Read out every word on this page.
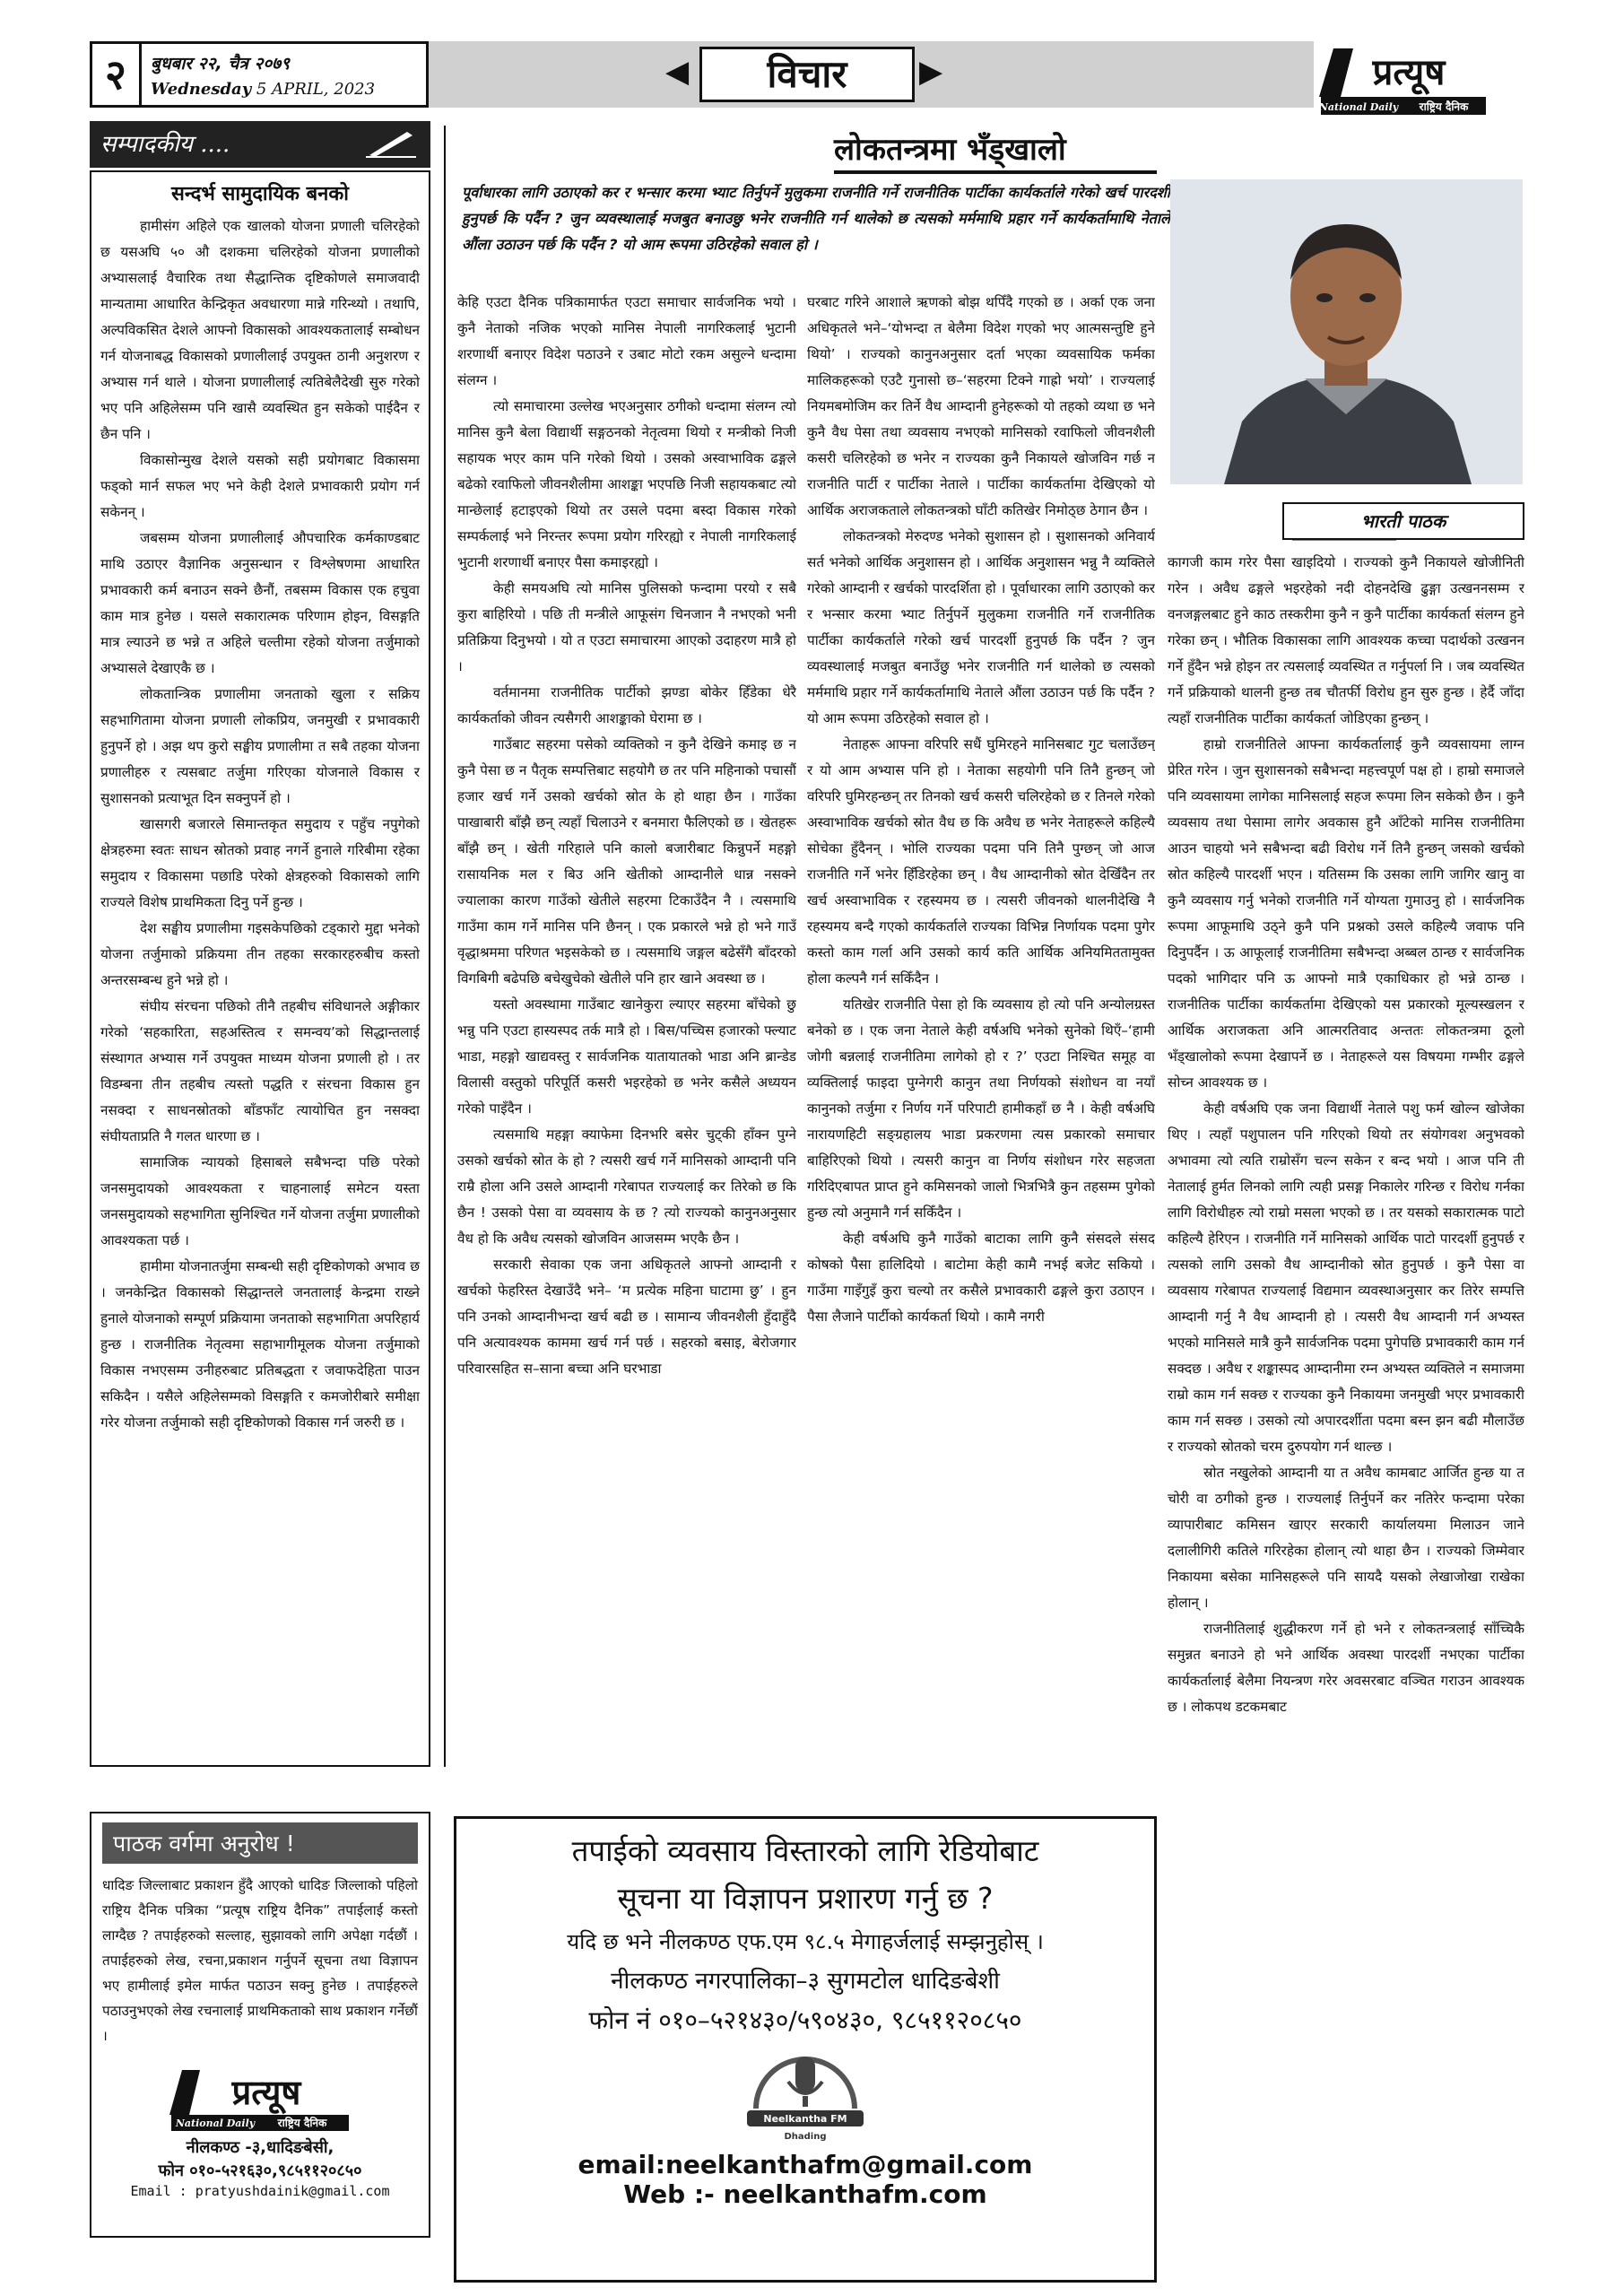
२	बुधबार २२, चैत्र २०७९
Wednesday 5 APRIL, 2023	◀	विचार	▶	प्रत्यूष
National Daily राष्ट्रिय दैनिक
सम्पादकीय ....
सन्दर्भ सामुदायिक बनको

हामीसंग अहिले एक खालको योजना प्रणाली चलिरहेको छ यसअघि ५० औ दशकमा चलिरहेको योजना प्रणालीको अभ्यासलाई वैचारिक तथा सैद्धान्तिक दृष्टिकोणले समाजवादी मान्यतामा आधारित केन्द्रिकृत अवधारणा मान्ने गरिन्थ्यो । तथापि, अल्पविकसित देशले आफ्नो विकासको आवश्यकतालाई सम्बोधन गर्न योजनाबद्ध विकासको प्रणालीलाई उपयुक्त ठानी अनुशरण र अभ्यास गर्न थाले । योजना प्रणालीलाई त्यतिबेलैदेखी सुरु गरेको भए पनि अहिलेसम्म पनि खासै व्यवस्थित हुन सकेको पाईदैन र छैन पनि ।

विकासोन्मुख देशले यसको सही प्रयोगबाट विकासमा फड्को मार्न सफल भए भने केही देशले प्रभावकारी प्रयोग गर्न सकेनन् ।

जबसम्म योजना प्रणालीलाई औपचारिक कर्मकाण्डबाट माथि उठाएर वैज्ञानिक अनुसन्धान र विश्लेषणमा आधारित प्रभावकारी कर्म बनाउन सक्ने छैनौं, तबसम्म विकास एक हचुवा काम मात्र हुनेछ । यसले सकारात्मक परिणाम होइन, विसङ्गति मात्र ल्याउने छ भन्ने त अहिले चल्तीमा रहेको योजना तर्जुमाको अभ्यासले देखाएकै छ ।

लोकतान्त्रिक प्रणालीमा जनताको खुला र सक्रिय सहभागितामा योजना प्रणाली लोकप्रिय, जनमुखी र प्रभावकारी हुनुपर्ने हो । अझ थप कुरो सङ्घीय प्रणालीमा त सबै तहका योजना प्रणालीहरु र त्यसबाट तर्जुमा गरिएका योजनाले विकास र सुशासनको प्रत्याभूत दिन सक्नुपर्ने हो ।

खासगरी बजारले सिमान्तकृत समुदाय र पहुँच नपुगेको क्षेत्रहरुमा स्वतः साधन स्रोतको प्रवाह नगर्ने हुनाले गरिबीमा रहेका समुदाय र विकासमा पछाडि परेको क्षेत्रहरुको विकासको लागि राज्यले विशेष प्राथमिकता दिनु पर्ने हुन्छ ।

देश सङ्घीय प्रणालीमा गइसकेपछिको टड्कारो मुद्दा भनेको योजना तर्जुमाको प्रक्रियमा तीन तहका सरकारहरुबीच कस्तो अन्तरसम्बन्ध हुने भन्ने हो ।

संघीय संरचना पछिको तीनै तहबीच संविधानले अङ्गीकार गरेको ‘सहकारिता, सहअस्तित्व र समन्वय’को सिद्धान्तलाई संस्थागत अभ्यास गर्ने उपयुक्त माध्यम योजना प्रणाली हो । तर विडम्बना तीन तहबीच त्यस्तो पद्धति र संरचना विकास हुन नसक्दा र साधनस्रोतको बाँडफाँट त्यायोचित हुन नसक्दा संघीयताप्रति नै गलत धारणा छ ।

सामाजिक न्यायको हिसाबले सबैभन्दा पछि परेको जनसमुदायको आवश्यकता र चाहनालाई समेटन यस्ता जनसमुदायको सहभागिता सुनिश्चित गर्ने योजना तर्जुमा प्रणालीको आवश्यकता पर्छ ।

हामीमा योजनातर्जुमा सम्बन्धी सही दृष्टिकोणको अभाव छ । जनकेन्द्रित विकासको सिद्धान्तले जनतालाई केन्द्रमा राख्ने हुनाले योजनाको सम्पूर्ण प्रक्रियामा जनताको सहभागिता अपरिहार्य हुन्छ । राजनीतिक नेतृत्वमा सहाभागीमूलक योजना तर्जुमाको विकास नभएसम्म उनीहरुबाट प्रतिबद्धता र जवाफदेहिता पाउन सकिदैन । यसैले अहिलेसम्मको विसङ्गति र कमजोरीबारे समीक्षा गरेर योजना तर्जुमाको सही दृष्टिकोणको विकास गर्न जरुरी छ ।

पाठक वर्गमा अनुरोध !
धादिङ जिल्लाबाट प्रकाशन हुँदै आएको धादिङ जिल्लाको पहिलो राष्ट्रिय दैनिक पत्रिका “प्रत्यूष राष्ट्रिय दैनिक” तपाईलाई कस्तो लाग्दैछ ? तपाईहरुको सल्लाह, सुझावको लागि अपेक्षा गर्दछौं । तपाईहरुको लेख, रचना,प्रकाशन गर्नुपर्ने सूचना तथा विज्ञापन भए हामीलाई इमेल मार्फत पठाउन सक्नु हुनेछ । तपाईहरुले पठाउनुभएको लेख रचनालाई प्राथमिकताको साथ प्रकाशन गर्नेछौं ।
प्रत्यूष
National Daily राष्ट्रिय दैनिक
नीलकण्ठ -३,धादिङबेसी,
फोन ०१०-५२१६३०,९८५११२०८५०
Email : pratyushdainik@gmail.com
लोकतन्त्रमा भँड्खालो
पूर्वाधारका लागि उठाएको कर र भन्सार करमा भ्याट तिर्नुपर्ने मुलुकमा राजनीति गर्ने राजनीतिक पार्टीका कार्यकर्ताले गरेको खर्च पारदर्शी हुनुपर्छ कि पर्दैन ? जुन व्यवस्थालाई मजबुत बनाउछु भनेर राजनीति गर्न थालेको छ त्यसको मर्ममाथि प्रहार गर्ने कार्यकर्तामाथि नेताले औंला उठाउन पर्छ कि पर्दैन ? यो आम रूपमा उठिरहेको सवाल हो ।

केहि एउटा दैनिक पत्रिकामार्फत एउटा समाचार सार्वजनिक भयो । कुनै नेताको नजिक भएको मानिस नेपाली नागरिकलाई भुटानी शरणार्थी बनाएर विदेश पठाउने र उबाट मोटो रकम असुल्ने धन्दामा संलग्न ।

त्यो समाचारमा उल्लेख भएअनुसार ठगीको धन्दामा संलग्न त्यो मानिस कुनै बेला विद्यार्थी सङ्गठनको नेतृत्वमा थियो र मन्त्रीको निजी सहायक भएर काम पनि गरेको थियो । उसको अस्वाभाविक ढङ्गले बढेको रवाफिलो जीवनशैलीमा आशङ्का भएपछि निजी सहायकबाट त्यो मान्छेलाई हटाइएको थियो तर उसले पदमा बस्दा विकास गरेको सम्पर्कलाई भने निरन्तर रूपमा प्रयोग गरिरह्यो र नेपाली नागरिकलाई भुटानी शरणार्थी बनाएर पैसा कमाइरह्यो ।

केही समयअघि त्यो मानिस पुलिसको फन्दामा परयो र सबै कुरा बाहिरियो । पछि ती मन्त्रीले आफूसंग चिनजान नै नभएको भनी प्रतिक्रिया दिनुभयो । यो त एउटा समाचारमा आएको उदाहरण मात्रै हो ।

वर्तमानमा राजनीतिक पार्टीको झण्डा बोकेर हिँडेका धेरै कार्यकर्ताको जीवन त्यसैगरी आशङ्काको घेरामा छ ।

गाउँबाट सहरमा पसेको व्यक्तिको न कुनै देखिने कमाइ छ न कुनै पेसा छ न पैतृक सम्पत्तिबाट सहयोगै छ तर पनि महिनाको पचासौं हजार खर्च गर्ने उसको खर्चको स्रोत के हो थाहा छैन । गाउँका पाखाबारी बाँझै छन् त्यहाँ चिलाउने र बनमारा फैलिएको छ । खेतहरू बाँझै छन् । खेती गरिहाले पनि कालो बजारीबाट किन्नुपर्ने महङ्गो रासायनिक मल र बिउ अनि खेतीको आम्दानीले धान्न नसक्ने ज्यालाका कारण गाउँको खेतीले सहरमा टिकाउँदैन नै । त्यसमाथि गाउँमा काम गर्ने मानिस पनि छैनन् । एक प्रकारले भन्ने हो भने गाउँ वृद्धाश्रममा परिणत भइसकेको छ । त्यसमाथि जङ्गल बढेसँगै बाँदरको विगबिगी बढेपछि बचेखुचेको खेतीले पनि हार खाने अवस्था छ ।

यस्तो अवस्थामा गाउँबाट खानेकुरा ल्याएर सहरमा बाँचेको छु भन्नु पनि एउटा हास्यस्पद तर्क मात्रै हो । बिस/पच्चिस हजारको फ्ल्याट भाडा, महङ्गो खाद्यवस्तु र सार्वजनिक यातायातको भाडा अनि ब्रान्डेड विलासी वस्तुको परिपूर्ति कसरी भइरहेको छ भनेर कसैले अध्ययन गरेको पाइँदैन ।

त्यसमाथि महङ्गा क्याफेमा दिनभरि बसेर चुट्की हाँक्न पुग्ने उसको खर्चको स्रोत के हो ? त्यसरी खर्च गर्ने मानिसको आम्दानी पनि राम्रै होला अनि उसले आम्दानी गरेबापत राज्यलाई कर तिरेको छ कि छैन ! उसको पेसा वा व्यवसाय के छ ? त्यो राज्यको कानुनअनुसार वैध हो कि अवैध त्यसको खोजविन आजसम्म भएकै छैन ।

सरकारी सेवाका एक जना अधिकृतले आफ्नो आम्दानी र खर्चको फेहरिस्त देखाउँदै भने– ‘म प्रत्येक महिना घाटामा छु’ । हुन पनि उनको आम्दानीभन्दा खर्च बढी छ । सामान्य जीवनशैली हुँदाहुँदै पनि अत्यावश्यक काममा खर्च गर्न पर्छ । सहरको बसाइ, बेरोजगार परिवारसहित स–साना बच्चा अनि घरभाडा

घरबाट गरिने आशाले ऋणको बोझ थपिँदै गएको छ । अर्का एक जना अधिकृतले भने–‘योभन्दा त बेलैमा विदेश गएको भए आत्मसन्तुष्टि हुने थियो’ । राज्यको कानुनअनुसार दर्ता भएका व्यवसायिक फर्मका मालिकहरूको एउटै गुनासो छ–‘सहरमा टिक्ने गाह्रो भयो’ । राज्यलाई नियमबमोजिम कर तिर्ने वैध आम्दानी हुनेहरूको यो तहको व्यथा छ भने कुनै वैध पेसा तथा व्यवसाय नभएको मानिसको रवाफिलो जीवनशैली कसरी चलिरहेको छ भनेर न राज्यका कुनै निकायले खोजविन गर्छ न राजनीति पार्टी र पार्टीका नेताले । पार्टीका कार्यकर्तामा देखिएको यो आर्थिक अराजकताले लोकतन्त्रको घाँटी कतिखेर निमोठ्छ ठेगान छैन ।

लोकतन्त्रको मेरुदण्ड भनेको सुशासन हो । सुशासनको अनिवार्य सर्त भनेको आर्थिक अनुशासन हो । आर्थिक अनुशासन भन्नु नै व्यक्तिले गरेको आम्दानी र खर्चको पारदर्शिता हो । पूर्वाधारका लागि उठाएको कर र भन्सार करमा भ्याट तिर्नुपर्ने मुलुकमा राजनीति गर्ने राजनीतिक पार्टीका कार्यकर्ताले गरेको खर्च पारदर्शी हुनुपर्छ कि पर्दैन ? जुन व्यवस्थालाई मजबुत बनाउँछु भनेर राजनीति गर्न थालेको छ त्यसको मर्ममाथि प्रहार गर्ने कार्यकर्तामाथि नेताले औंला उठाउन पर्छ कि पर्दैन ? यो आम रूपमा उठिरहेको सवाल हो ।

नेताहरू आफ्ना वरिपरि सधैं घुमिरहने मानिसबाट गुट चलाउँछन् र यो आम अभ्यास पनि हो । नेताका सहयोगी पनि तिनै हुन्छन् जो वरिपरि घुमिरहन्छन् तर तिनको खर्च कसरी चलिरहेको छ र तिनले गरेको अस्वाभाविक खर्चको स्रोत वैध छ कि अवैध छ भनेर नेताहरूले कहिल्यै सोचेका हुँदैनन् । भोलि राज्यका पदमा पनि तिनै पुग्छन् जो आज राजनीति गर्ने भनेर हिँडिरहेका छन् । वैध आम्दानीको स्रोत देखिँदैन तर खर्च अस्वाभाविक र रहस्यमय छ । त्यसरी जीवनको थालनीदेखि नै रहस्यमय बन्दै गएको कार्यकर्ताले राज्यका विभिन्न निर्णायक पदमा पुगेर कस्तो काम गर्ला अनि उसको कार्य कति आर्थिक अनियमिततामुक्त होला कल्पनै गर्न सकिँदैन ।

यतिखेर राजनीति पेसा हो कि व्यवसाय हो त्यो पनि अन्योलग्रस्त बनेको छ । एक जना नेताले केही वर्षअघि भनेको सुनेको थिएँ–‘हामी जोगी बन्नलाई राजनीतिमा लागेको हो र ?’ एउटा निश्चित समूह वा व्यक्तिलाई फाइदा पुग्नेगरी कानुन तथा निर्णयको संशोधन वा नयाँ कानुनको तर्जुमा र निर्णय गर्ने परिपाटी हामीकहाँ छ नै । केही वर्षअघि नारायणहिटी सङ्ग्रहालय भाडा प्रकरणमा त्यस प्रकारको समाचार बाहिरिएको थियो । त्यसरी कानुन वा निर्णय संशोधन गरेर सहजता गरिदिएबापत प्राप्त हुने कमिसनको जालो भित्रभित्रै कुन तहसम्म पुगेको हुन्छ त्यो अनुमानै गर्न सकिँदैन ।

केही वर्षअघि कुनै गाउँको बाटाका लागि कुनै संसदले संसद कोषको पैसा हालिदियो । बाटोमा केही कामै नभई बजेट सकियो । गाउँमा गाइँगुइँ कुरा चल्यो तर कसैले प्रभावकारी ढङ्गले कुरा उठाएन । पैसा लैजाने पार्टीको कार्यकर्ता थियो । कामै नगरी

भारती पाठक

कागजी काम गरेर पैसा खाइदियो । राज्यको कुनै निकायले खोजीनिती गरेन । अवैध ढङ्गले भइरहेको नदी दोहनदेखि ढुङ्गा उत्खननसम्म र वनजङ्गलबाट हुने काठ तस्करीमा कुनै न कुनै पार्टीका कार्यकर्ता संलग्न हुने गरेका छन् । भौतिक विकासका लागि आवश्यक कच्चा पदार्थको उत्खनन गर्ने हुँदैन भन्ने होइन तर त्यसलाई व्यवस्थित त गर्नुपर्ला नि । जब व्यवस्थित गर्ने प्रक्रियाको थालनी हुन्छ तब चौतर्फी विरोध हुन सुरु हुन्छ । हेर्दै जाँदा त्यहाँ राजनीतिक पार्टीका कार्यकर्ता जोडिएका हुन्छन् ।

हाम्रो राजनीतिले आफ्ना कार्यकर्तालाई कुनै व्यवसायमा लाग्न प्रेरित गरेन । जुन सुशासनको सबैभन्दा महत्त्वपूर्ण पक्ष हो । हाम्रो समाजले पनि व्यवसायमा लागेका मानिसलाई सहज रूपमा लिन सकेको छैन । कुनै व्यवसाय तथा पेसामा लागेर अवकास हुनै आँटेको मानिस राजनीतिमा आउन चाहयो भने सबैभन्दा बढी विरोध गर्ने तिनै हुन्छन् जसको खर्चको स्रोत कहिल्यै पारदर्शी भएन । यतिसम्म कि उसका लागि जागिर खानु वा कुनै व्यवसाय गर्नु भनेको राजनीति गर्ने योग्यता गुमाउनु हो । सार्वजनिक रूपमा आफूमाथि उठ्ने कुनै पनि प्रश्नको उसले कहिल्यै जवाफ पनि दिनुपर्दैन । ऊ आफूलाई राजनीतिमा सबैभन्दा अब्बल ठान्छ र सार्वजनिक पदको भागिदार पनि ऊ आफ्नो मात्रै एकाधिकार हो भन्ने ठान्छ । राजनीतिक पार्टीका कार्यकर्तामा देखिएको यस प्रकारको मूल्यस्खलन र आर्थिक अराजकता अनि आत्मरतिवाद अन्ततः लोकतन्त्रमा ठूलो भँड्खालोको रूपमा देखापर्ने छ । नेताहरूले यस विषयमा गम्भीर ढङ्गले सोच्न आवश्यक छ ।

केही वर्षअघि एक जना विद्यार्थी नेताले पशु फर्म खोल्न खोजेका थिए । त्यहाँ पशुपालन पनि गरिएको थियो तर संयोगवश अनुभवको अभावमा त्यो त्यति राम्रोसँग चल्न सकेन र बन्द भयो । आज पनि ती नेतालाई हुर्मत लिनको लागि त्यही प्रसङ्ग निकालेर गरिन्छ र विरोध गर्नका लागि विरोधीहरु त्यो राम्रो मसला भएको छ । तर यसको सकारात्मक पाटो कहिल्यै हेरिएन । राजनीति गर्ने मानिसको आर्थिक पाटो पारदर्शी हुनुपर्छ र त्यसको लागि उसको वैध आम्दानीको स्रोत हुनुपर्छ । कुनै पेसा वा व्यवसाय गरेबापत राज्यलाई विद्यमान व्यवस्थाअनुसार कर तिरेर सम्पत्ति आम्दानी गर्नु नै वैध आम्दानी हो । त्यसरी वैध आम्दानी गर्न अभ्यस्त भएको मानिसले मात्रै कुनै सार्वजनिक पदमा पुगेपछि प्रभावकारी काम गर्न सक्दछ । अवैध र शङ्कास्पद आम्दानीमा रम्न अभ्यस्त व्यक्तिले न समाजमा राम्रो काम गर्न सक्छ र राज्यका कुनै निकायमा जनमुखी भएर प्रभावकारी काम गर्न सक्छ । उसको त्यो अपारदर्शीता पदमा बस्न झन बढी मौलाउँछ र राज्यको स्रोतको चरम दुरुपयोग गर्न थाल्छ ।

स्रोत नखुलेको आम्दानी या त अवैध कामबाट आर्जित हुन्छ या त चोरी वा ठगीको हुन्छ । राज्यलाई तिर्नुपर्ने कर नतिरेर फन्दामा परेका व्यापारीबाट कमिसन खाएर सरकारी कार्यालयमा मिलाउन जाने दलालीगिरी कतिले गरिरहेका होलान् त्यो थाहा छैन । राज्यको जिम्मेवार निकायमा बसेका मानिसहरूले पनि सायदै यसको लेखाजोखा राखेका होलान् ।

राजनीतिलाई शुद्धीकरण गर्ने हो भने र लोकतन्त्रलाई साँच्चिकै समुन्नत बनाउने हो भने आर्थिक अवस्था पारदर्शी नभएका पार्टीका कार्यकर्तालाई बेलैमा नियन्त्रण गरेर अवसरबाट वञ्चित गराउन आवश्यक छ । लोकपथ डटकमबाट

तपाईको व्यवसाय विस्तारको लागि रेडियोबाट
सूचना या विज्ञापन प्रशारण गर्नु छ ?
यदि छ भने नीलकण्ठ एफ.एम ९८.५ मेगाहर्जलाई सम्झनुहोस् ।
नीलकण्ठ नगरपालिका–३ सुगमटोल धादिङबेशी
फोन नं ०१०–५२१४३०/५९०४३०, ९८५११२०८५०
Neelkantha FM
Dhading
email:neelkanthafm@gmail.com
Web :- neelkanthafm.com
